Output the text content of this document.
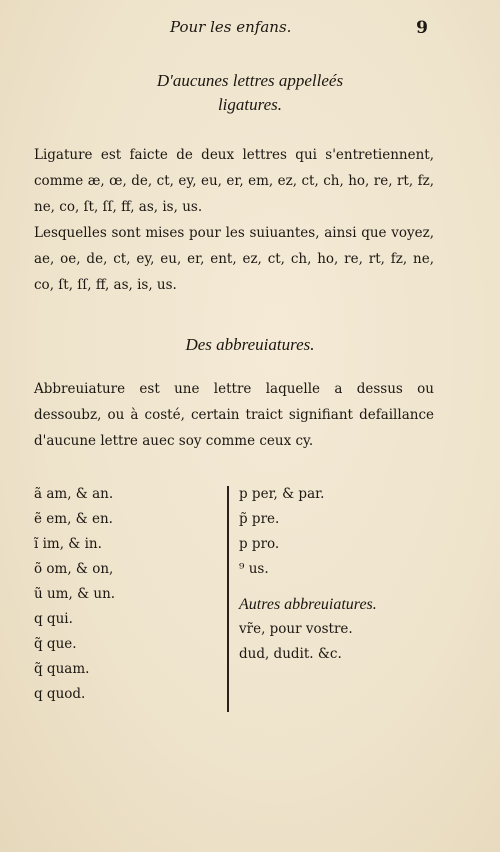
Pour les enfans.	9
D'aucunes lettres appelleés
ligatures.
Ligature est faicte de deux lettres qui s'entretiennent, comme æ, œ, de, ct, ey, eu, er, em, ez, ct, ch, ho, re, rt, fz, ne, co, ſt, ſſ, ff, as, is, us.
Lesquelles sont mises pour les suiuantes, ainsi que voyez, ae, oe, de, ct, ey, eu, er, ent, ez, ct, ch, ho, re, rt, fz, ne, co, ſt, ſſ, ff, as, is, us.
Des abbreuiatures.
Abbreuiature est une lettre laquelle a dessus ou dessoubz, ou à costé, certain traict signifiant defaillance d'aucune lettre auec soy comme ceux cy.
ã am, & an.
ẽ em, & en.
ĩ im, & in.
õ om, & on,
ũ um, & un.
q qui.
q̃ que.
q̃ quam.
q quod.
p per, & par.
p̃ pre.
p pro.
⁹ us.
Autres abbreuiatures.
vr̃e, pour vostre.
dud, dudit. &c.
